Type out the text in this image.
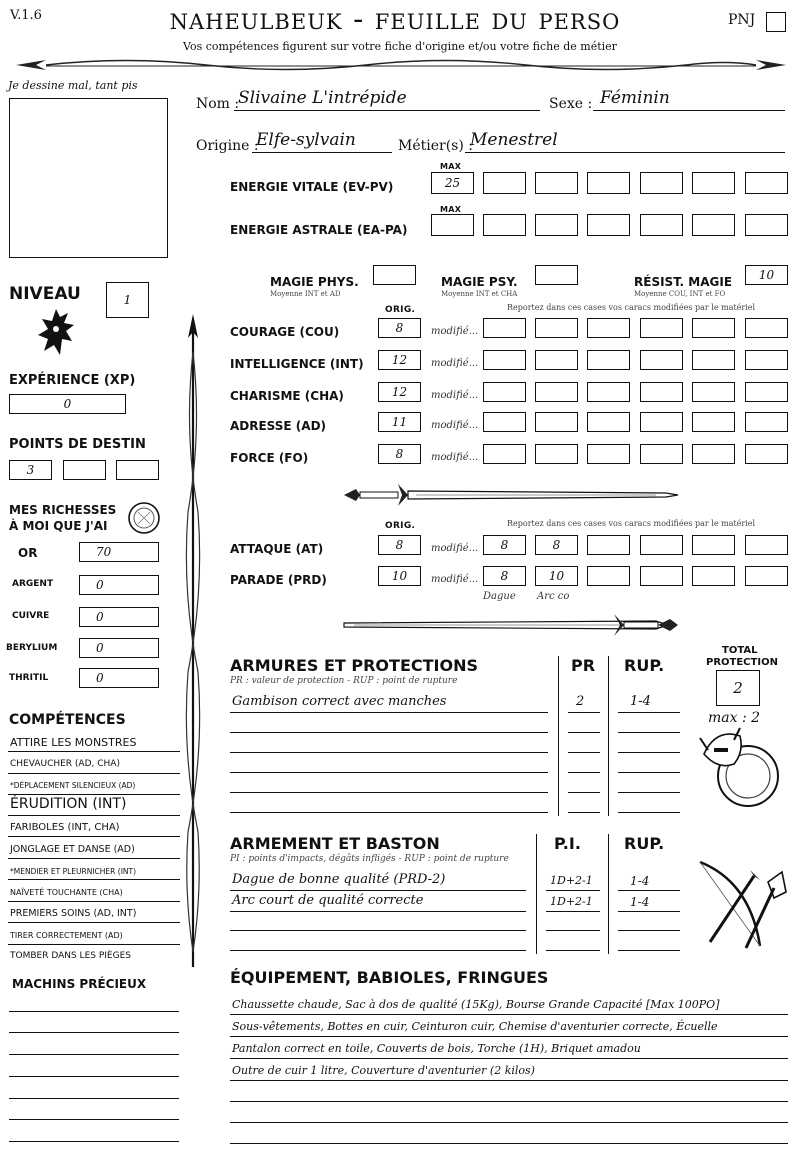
V.1.6	naheulbeuk - feuille du perso
Vos compétences figurent sur votre fiche d'origine et/ou votre fiche de métier
PNJ
Je dessine mal, tant pis
Nom :
Slivaine L'intrépide	Sexe : Féminin
Origine :
Elfe-sylvain	Métier(s) :
Menestrel
MAX
ENERGIE VITALE (EV-PV)	25
MAX
ENERGIE ASTRALE (EA-PA)
MAGIE PHYS.
Moyenne INT et AD
MAGIE PSY.
Moyenne INT et CHA
RÉSIST. MAGIE
Moyenne COU, INT et FO
10
NIVEAU	1
EXPÉRIENCE (XP)
0
POINTS DE DESTIN
3
MES RICHESSES
À MOI QUE J'AI
OR	70
ARGENT	0
CUIVRE	0
BERYLIUM	0
THRITIL	0
COMPÉTENCES
ATTIRE LES MONSTRES
CHEVAUCHER (AD, CHA)
*DÉPLACEMENT SILENCIEUX (AD)
ÉRUDITION (INT)
FARIBOLES (INT, CHA)
JONGLAGE ET DANSE (AD)
*MENDIER ET PLEURNICHER (INT)
NAÏVETÉ TOUCHANTE (CHA)
PREMIERS SOINS (AD, INT)
TIRER CORRECTEMENT (AD)
TOMBER DANS LES PIÈGES
MACHINS PRÉCIEUX
ORIG.	Reportez dans ces cases vos caracs modifiées par le matériel
COURAGE (COU)	8	modifié...
INTELLIGENCE (INT)	12	modifié...
CHARISME (CHA)	12	modifié...
ADRESSE (AD)	11	modifié...
FORCE (FO)	8	modifié...
ORIG.	Reportez dans ces cases vos caracs modifiées par le matériel
ATTAQUE (AT)	8	modifié...	8	8
PARADE (PRD)	10	modifié...	8	10
Dague Arc co
ARMURES ET PROTECTIONS
PR : valeur de protection - RUP : point de rupture
PR RUP.
Gambison correct avec manches	2	1-4
TOTAL
PROTECTION
2
max : 2
ARMEMENT ET BASTON
PI : points d'impacts, dégâts infligés - RUP : point de rupture
P.I.	RUP.
Dague de bonne qualité (PRD-2)	1D+2-1	1-4
Arc court de qualité correcte	1D+2-1	1-4
ÉQUIPEMENT, BABIOLES, FRINGUES
Chaussette chaude, Sac à dos de qualité (15Kg), Bourse Grande Capacité [Max 100PO]
Sous-vêtements, Bottes en cuir, Ceinturon cuir, Chemise d'aventurier correcte, Écuelle
Pantalon correct en toile, Couverts de bois, Torche (1H), Briquet amadou
Outre de cuir 1 litre, Couverture d'aventurier (2 kilos)
